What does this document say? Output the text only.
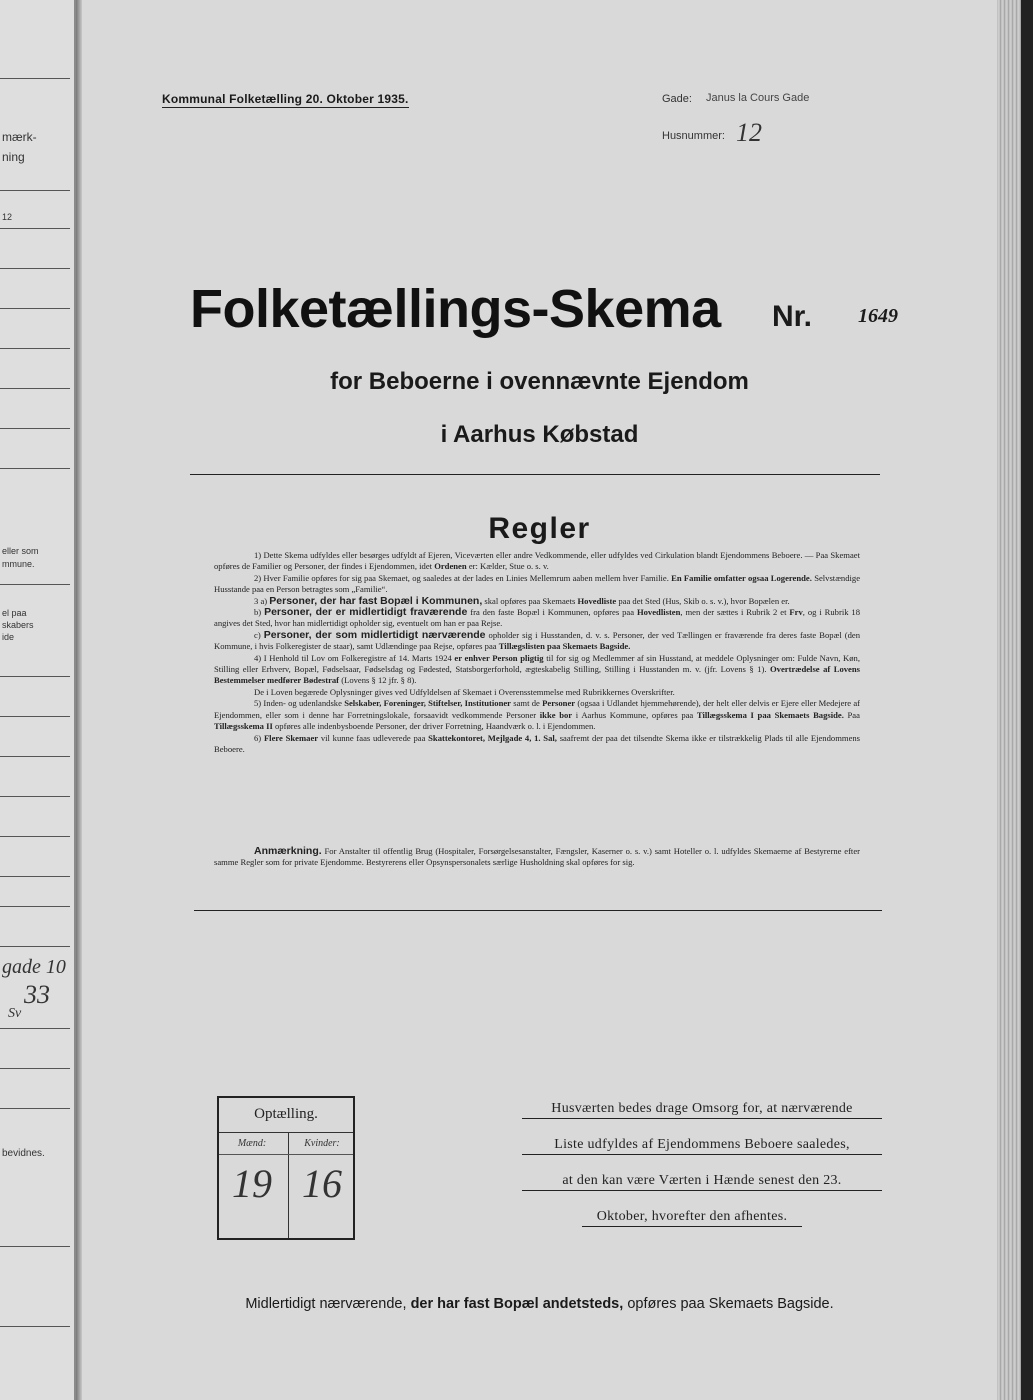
mærk-
ning
12
eller som
mmune.
el paa
skabers
ide
gade 10
33
Sv
bevidnes.
Kommunal Folketælling 20. Oktober 1935.	Gade: Janus la Cours Gade
Husnummer: 12
Folketællings-Skema Nr. 1649
for Beboerne i ovennævnte Ejendom
i Aarhus Købstad
Regler

1) Dette Skema udfyldes eller besørges udfyldt af Ejeren, Viceværten eller andre Vedkommende, eller udfyldes ved Cirkulation blandt Ejendommens Beboere. — Paa Skemaet opføres de Familier og Personer, der findes i Ejendommen, idet Ordenen er: Kælder, Stue o. s. v.

2) Hver Familie opføres for sig paa Skemaet, og saaledes at der lades en Linies Mellemrum aaben mellem hver Familie. En Familie omfatter ogsaa Logerende. Selvstændige Husstande paa en Person betragtes som „Familie“.

3 a) Personer, der har fast Bopæl i Kommunen, skal opføres paa Skemaets Hovedliste paa det Sted (Hus, Skib o. s. v.), hvor Bopælen er.

b) Personer, der er midlertidigt fraværende fra den faste Bopæl i Kommunen, opføres paa Hovedlisten, men der sættes i Rubrik 2 et Frv, og i Rubrik 18 angives det Sted, hvor han midlertidigt opholder sig, eventuelt om han er paa Rejse.

c) Personer, der som midlertidigt nærværende opholder sig i Husstanden, d. v. s. Personer, der ved Tællingen er fraværende fra deres faste Bopæl (den Kommune, i hvis Folkeregister de staar), samt Udlændinge paa Rejse, opføres paa Tillægslisten paa Skemaets Bagside.

4) I Henhold til Lov om Folkeregistre af 14. Marts 1924 er enhver Person pligtig til for sig og Medlemmer af sin Husstand, at meddele Oplysninger om: Fulde Navn, Køn, Stilling eller Erhverv, Bopæl, Fødselsaar, Fødselsdag og Fødested, Statsborgerforhold, ægteskabelig Stilling, Stilling i Husstanden m. v. (jfr. Lovens § 1). Overtrædelse af Lovens Bestemmelser medfører Bødestraf (Lovens § 12 jfr. § 8).

De i Loven begærede Oplysninger gives ved Udfyldelsen af Skemaet i Overensstemmelse med Rubrikkernes Overskrifter.

5) Inden- og udenlandske Selskaber, Foreninger, Stiftelser, Institutioner samt de Personer (ogsaa i Udlandet hjemmehørende), der helt eller delvis er Ejere eller Medejere af Ejendommen, eller som i denne har Forretningslokale, forsaavidt vedkommende Personer ikke bor i Aarhus Kommune, opføres paa Tillægsskema I paa Skemaets Bagside. Paa Tillægsskema II opføres alle indenbysboende Personer, der driver Forretning, Haandværk o. l. i Ejendommen.

6) Flere Skemaer vil kunne faas udleverede paa Skattekontoret, Mejlgade 4, 1. Sal, saafremt der paa det tilsendte Skema ikke er tilstrækkelig Plads til alle Ejendommens Beboere.

Anmærkning. For Anstalter til offentlig Brug (Hospitaler, Forsørgelsesanstalter, Fængsler, Kaserner o. s. v.) samt Hoteller o. l. udfyldes Skemaerne af Bestyrerne efter samme Regler som for private Ejendomme. Bestyrerens eller Opsynspersonalets særlige Husholdning skal opføres for sig.

Optælling.
Mænd:	Kvinder:
19 16
Husværten bedes drage Omsorg for, at nærværende
Liste udfyldes af Ejendommens Beboere saaledes,
at den kan være Værten i Hænde senest den 23.
Oktober, hvorefter den afhentes.
Midlertidigt nærværende, der har fast Bopæl andetsteds, opføres paa Skemaets Bagside.
